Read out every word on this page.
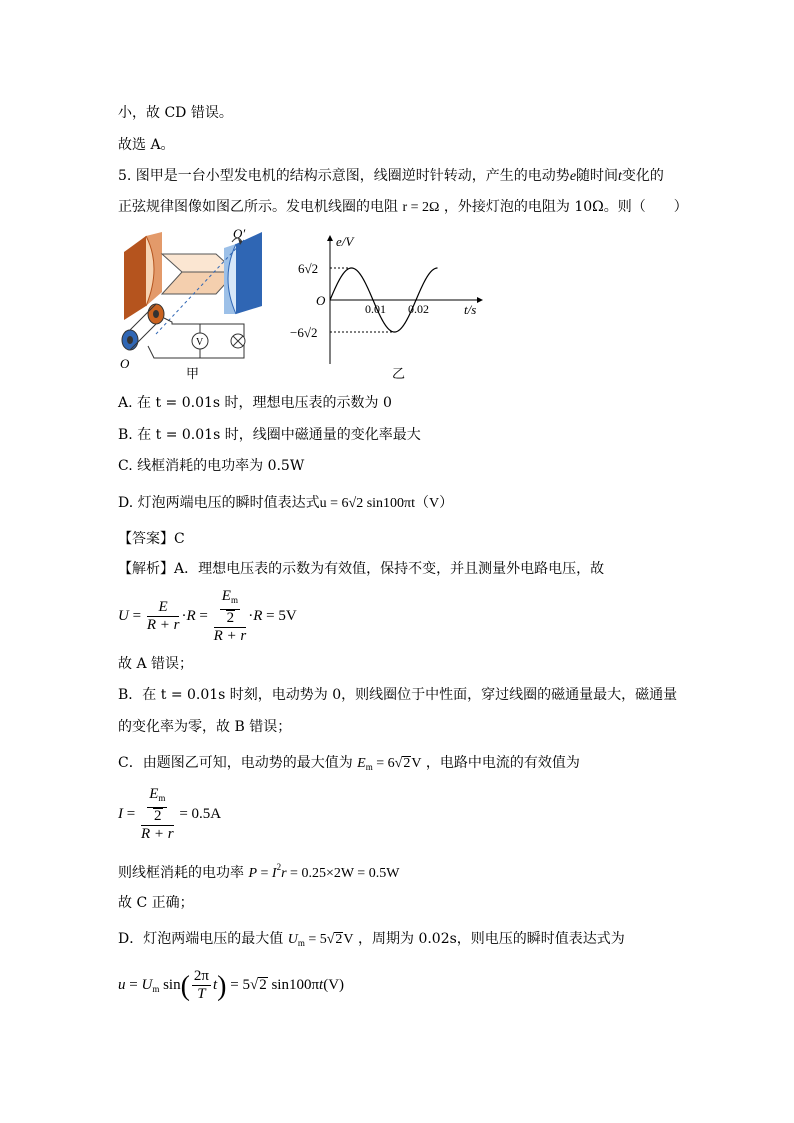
小，故 CD 错误。
故选 A。
5. 图甲是一台小型发电机的结构示意图，线圈逆时针转动，产生的电动势e随时间t变化的
正弦规律图像如图乙所示。发电机线圈的电阻 r = 2Ω ，外接灯泡的电阻为 10Ω。则（　　）
O′
V
O
甲
e/V
t/s
0.01 0.02
6√2
O
−6√2
乙
A. 在 t = 0.01s 时，理想电压表的示数为 0
B. 在 t = 0.01s 时，线圈中磁通量的变化率最大
C. 线框消耗的电功率为 0.5W
D. 灯泡两端电压的瞬时值表达式u = 6√2 sin100πt（V）
【答案】C
【解析】A．理想电压表的示数为有效值，保持不变，并且测量外电路电压，故
$U = \frac{E}{R + r} \cdot R = \frac{\frac{E_m}{2}}{R + r} \cdot R = 5V$
故 A 错误；
B．在 t = 0.01s 时刻，电动势为 0，则线圈位于中性面，穿过线圈的磁通量最大，磁通量
的变化率为零，故 B 错误；
C．由题图乙可知，电动势的最大值为 $E_m = 6√2V$ ，电路中电流的有效值为
$I = \frac{\frac{E_m}{2}}{R + r} = 0.5A$
则线框消耗的电功率 $P = I^2r = 0.25\times 2W = 0.5W$
故 C 正确；
D．灯泡两端电压的最大值 $U_m = 5√2V$ ，周期为 0.02s，则电压的瞬时值表达式为
$u = U_m$ $\sin( \frac{2\pi}{T} t) = 5√2$ sin100πt(V)
